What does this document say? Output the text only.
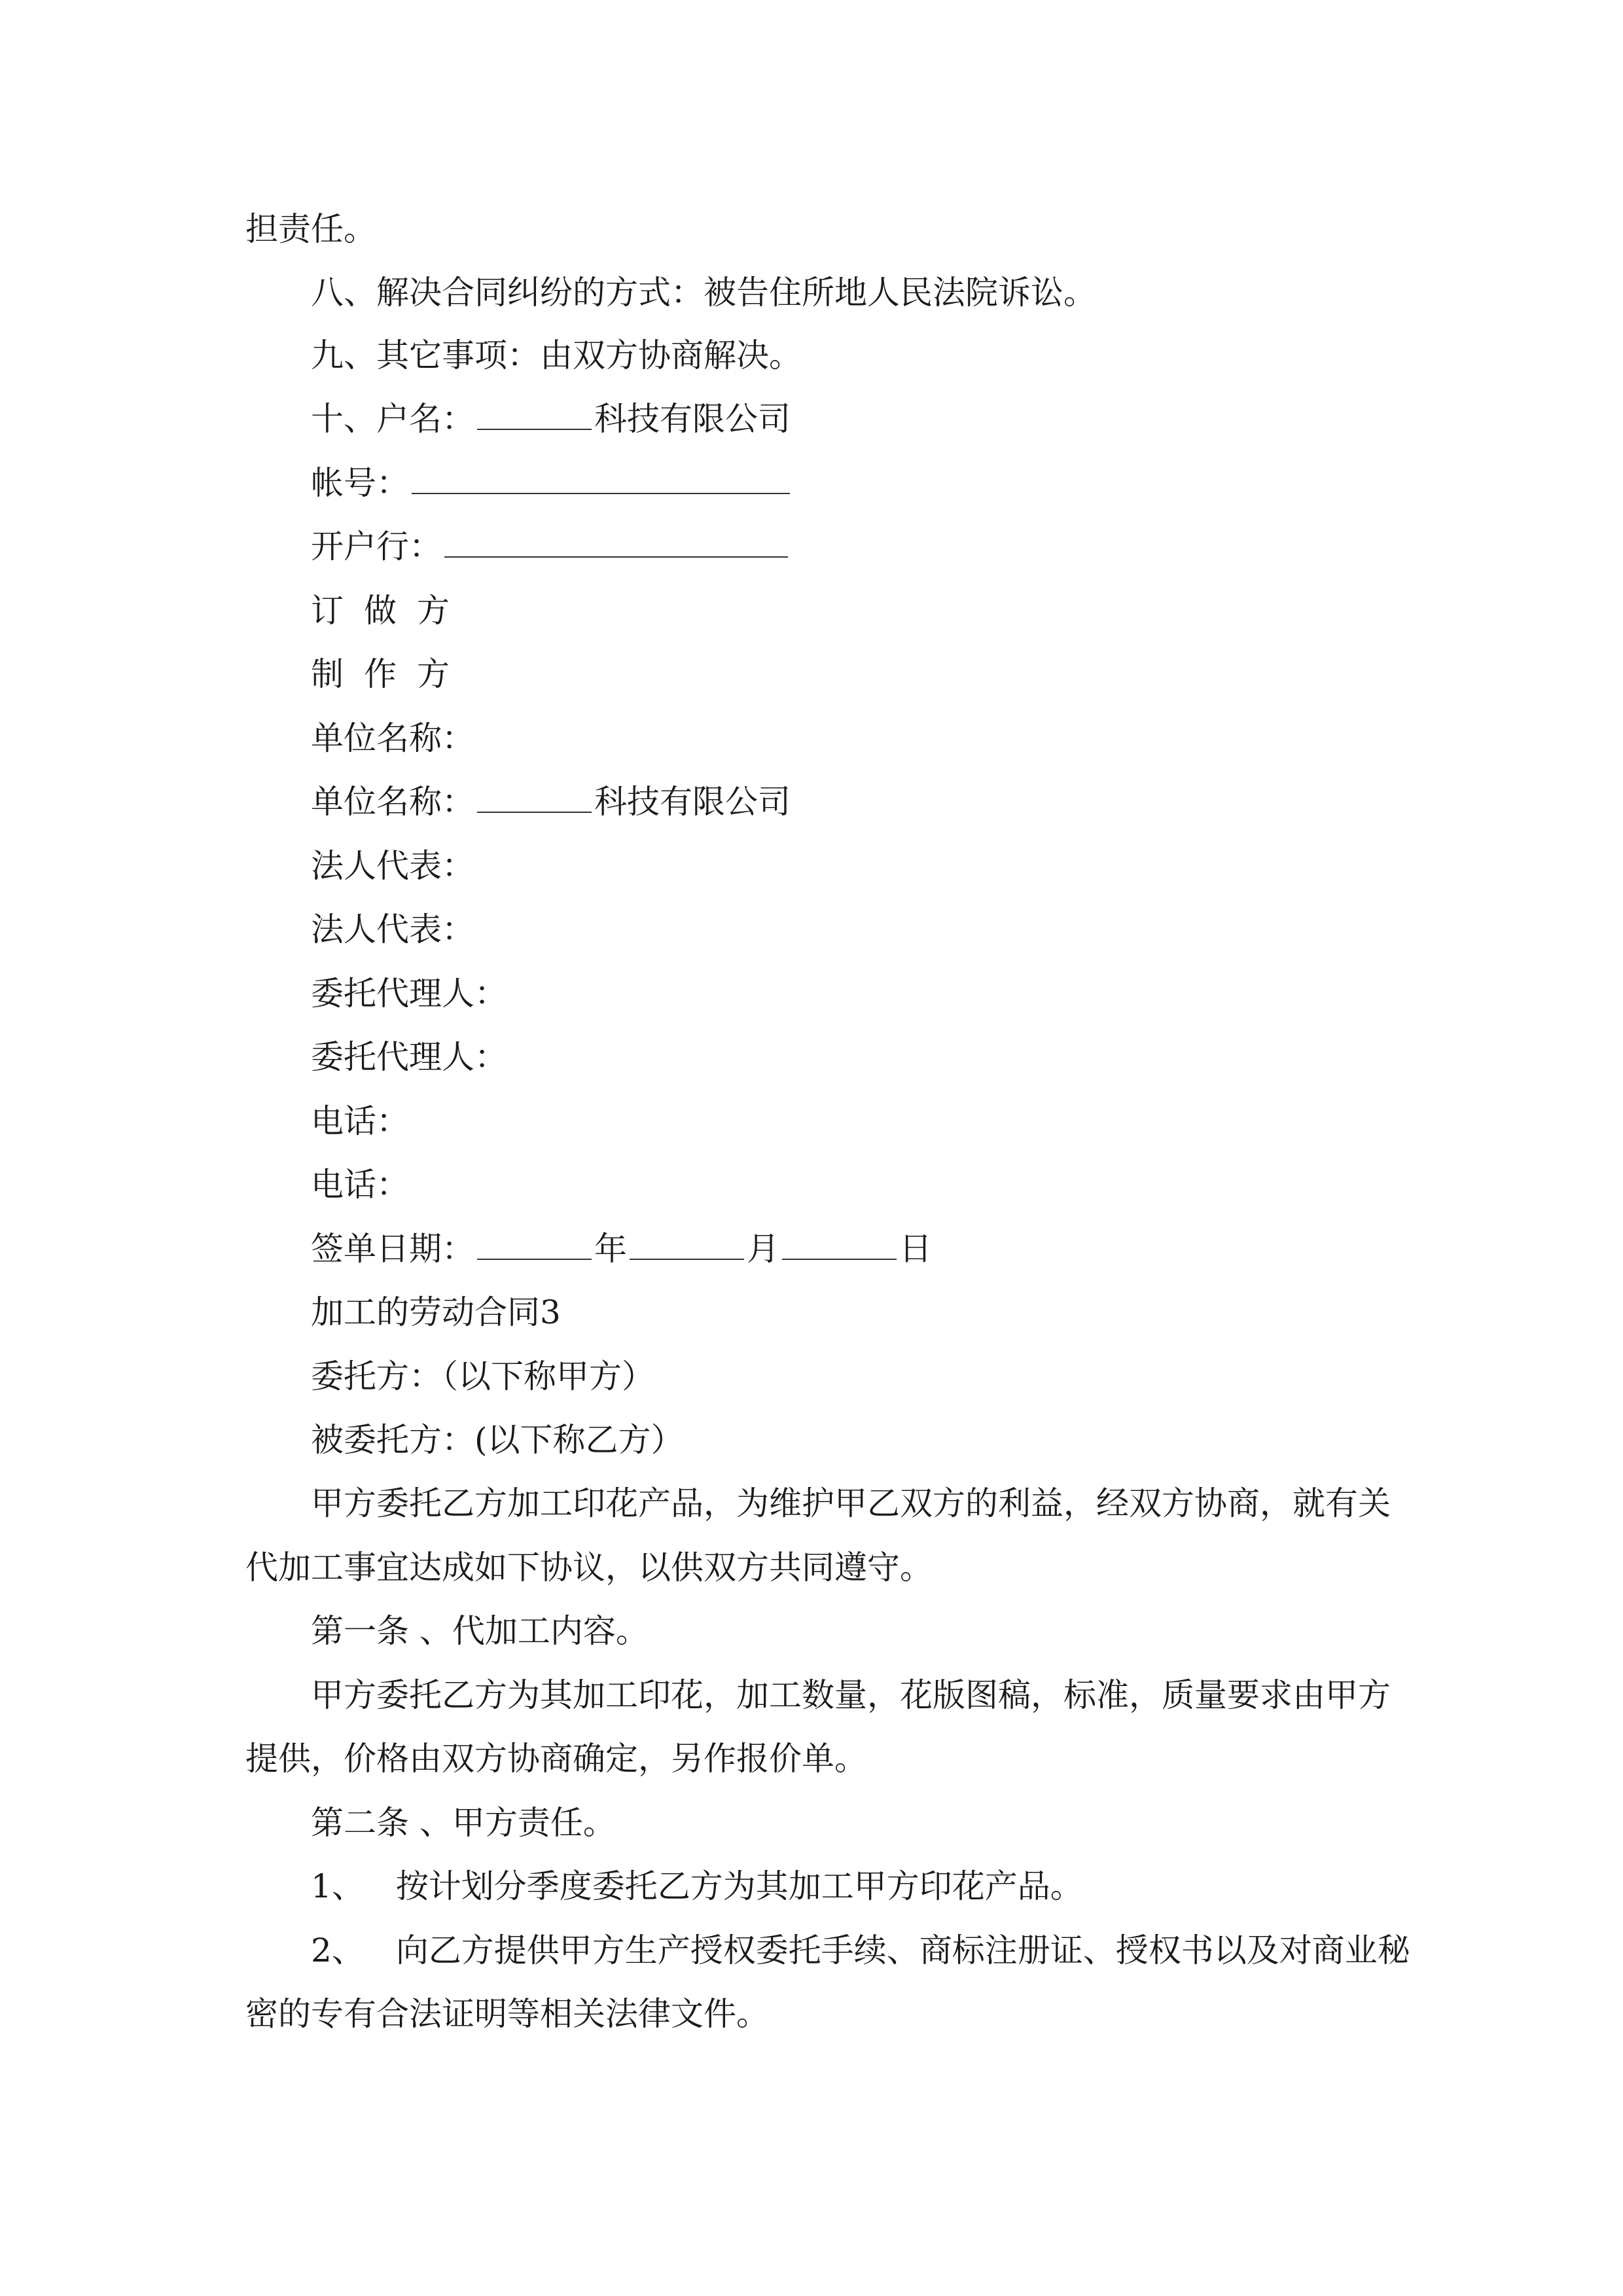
担责任。
八、解决合同纠纷的方式：被告住所地人民法院诉讼。
九、其它事项：由双方协商解决。
十、户名：	科技有限公司
帐号：
开户行：
订做方
制作方
单位名称：
单位名称：	科技有限公司
法人代表：
法人代表：
委托代理人：
委托代理人：
电话：
电话：
签单日期：	年	月	日
加工的劳动合同3
委托方：（以下称甲方）
被委托方：(以下称乙方）
甲方委托乙方加工印花产品，为维护甲乙双方的利益，经双方协商，就有关
代加工事宜达成如下协议，以供双方共同遵守。
第一条 、代加工内容。
甲方委托乙方为其加工印花，加工数量，花版图稿，标准，质量要求由甲方
提供，价格由双方协商确定，另作报价单。
第二条 、甲方责任。
1、 按计划分季度委托乙方为其加工甲方印花产品。
2、 向乙方提供甲方生产授权委托手续、商标注册证、授权书以及对商业秘
密的专有合法证明等相关法律文件。
